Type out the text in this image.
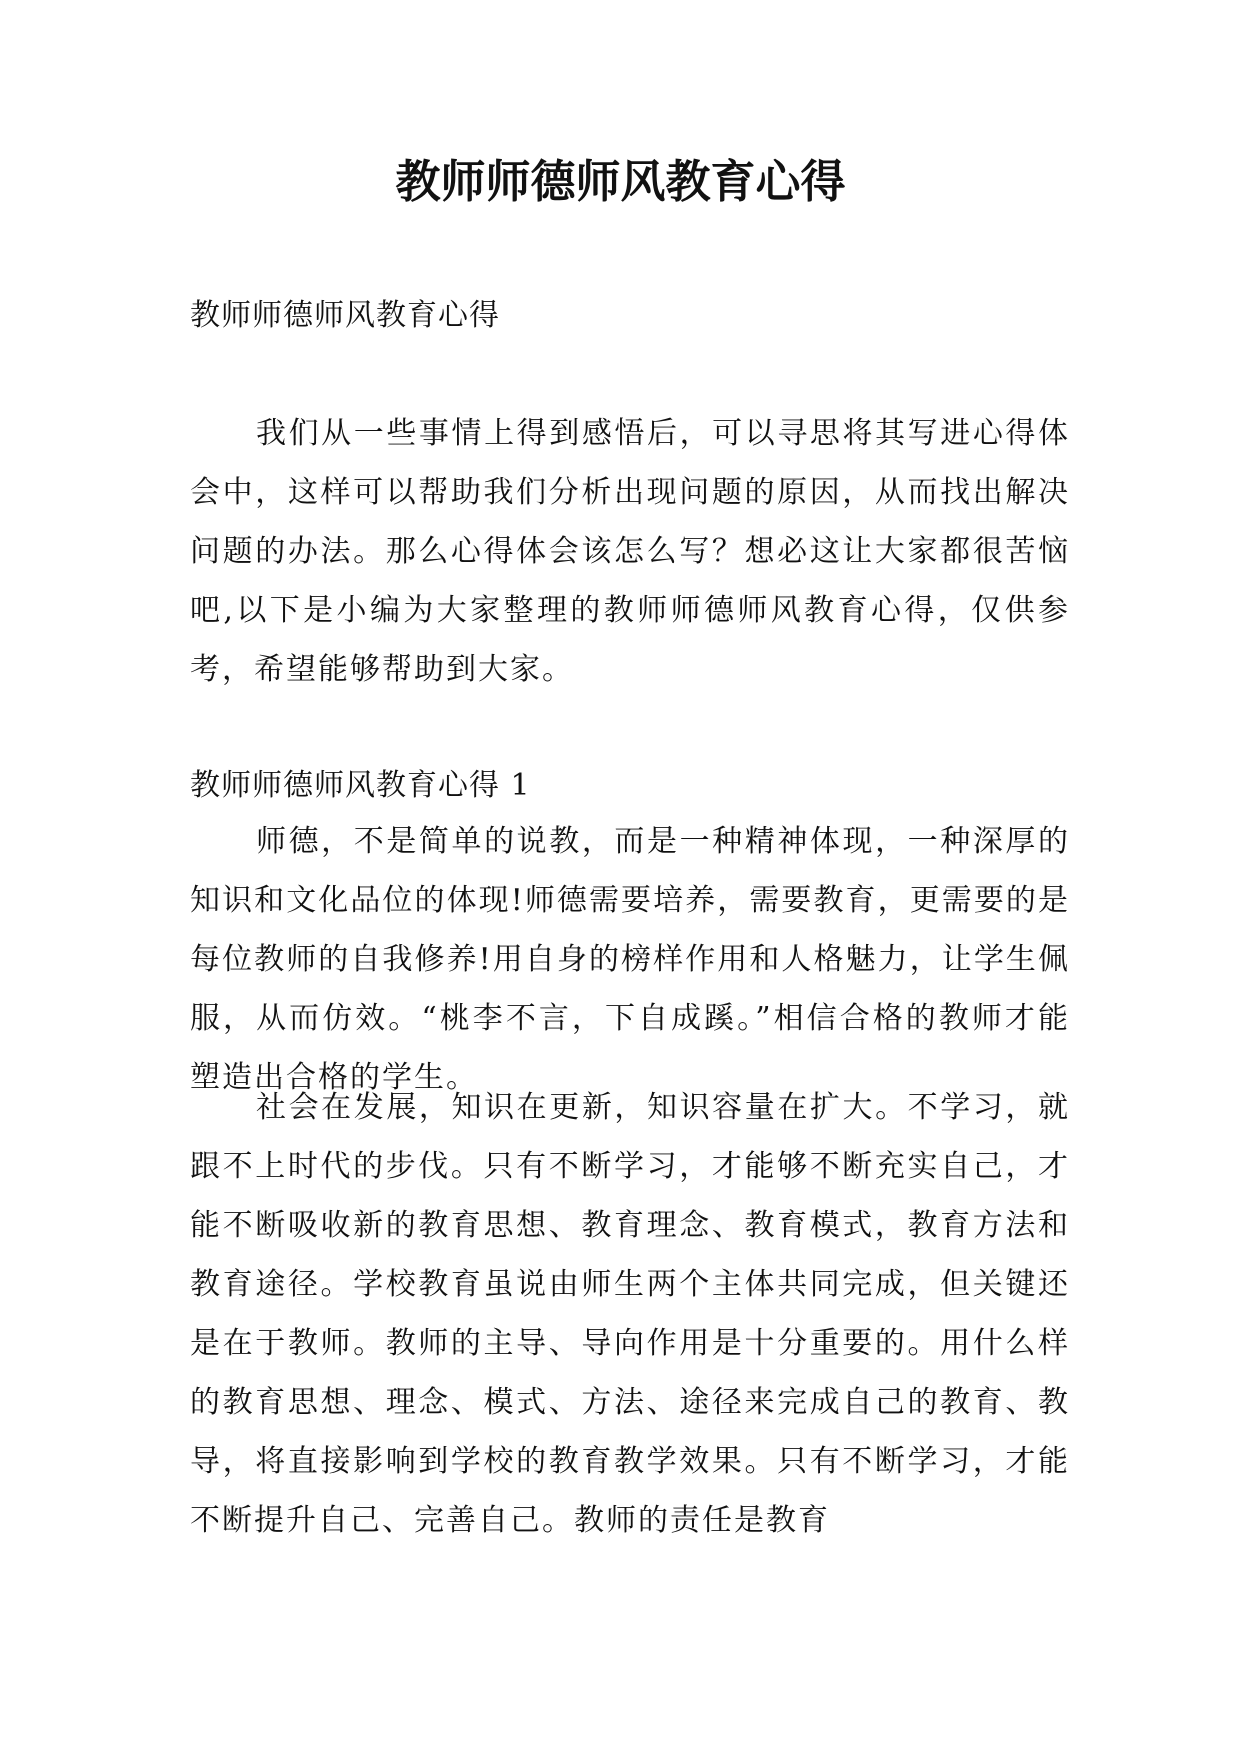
教师师德师风教育心得

教师师德师风教育心得

我们从一些事情上得到感悟后，可以寻思将其写进心得体会中，这样可以帮助我们分析出现问题的原因，从而找出解决问题的办法。那么心得体会该怎么写？想必这让大家都很苦恼吧,以下是小编为大家整理的教师师德师风教育心得，仅供参考，希望能够帮助到大家。

教师师德师风教育心得 1

师德，不是简单的说教，而是一种精神体现，一种深厚的知识和文化品位的体现!师德需要培养，需要教育，更需要的是每位教师的自我修养!用自身的榜样作用和人格魅力，让学生佩服，从而仿效。“桃李不言，下自成蹊。”相信合格的教师才能塑造出合格的学生。

社会在发展，知识在更新，知识容量在扩大。不学习，就跟不上时代的步伐。只有不断学习，才能够不断充实自己，才能不断吸收新的教育思想、教育理念、教育模式，教育方法和教育途径。学校教育虽说由师生两个主体共同完成，但关键还是在于教师。教师的主导、导向作用是十分重要的。用什么样的教育思想、理念、模式、方法、途径来完成自己的教育、教导，将直接影响到学校的教育教学效果。只有不断学习，才能不断提升自己、完善自己。教师的责任是教育
